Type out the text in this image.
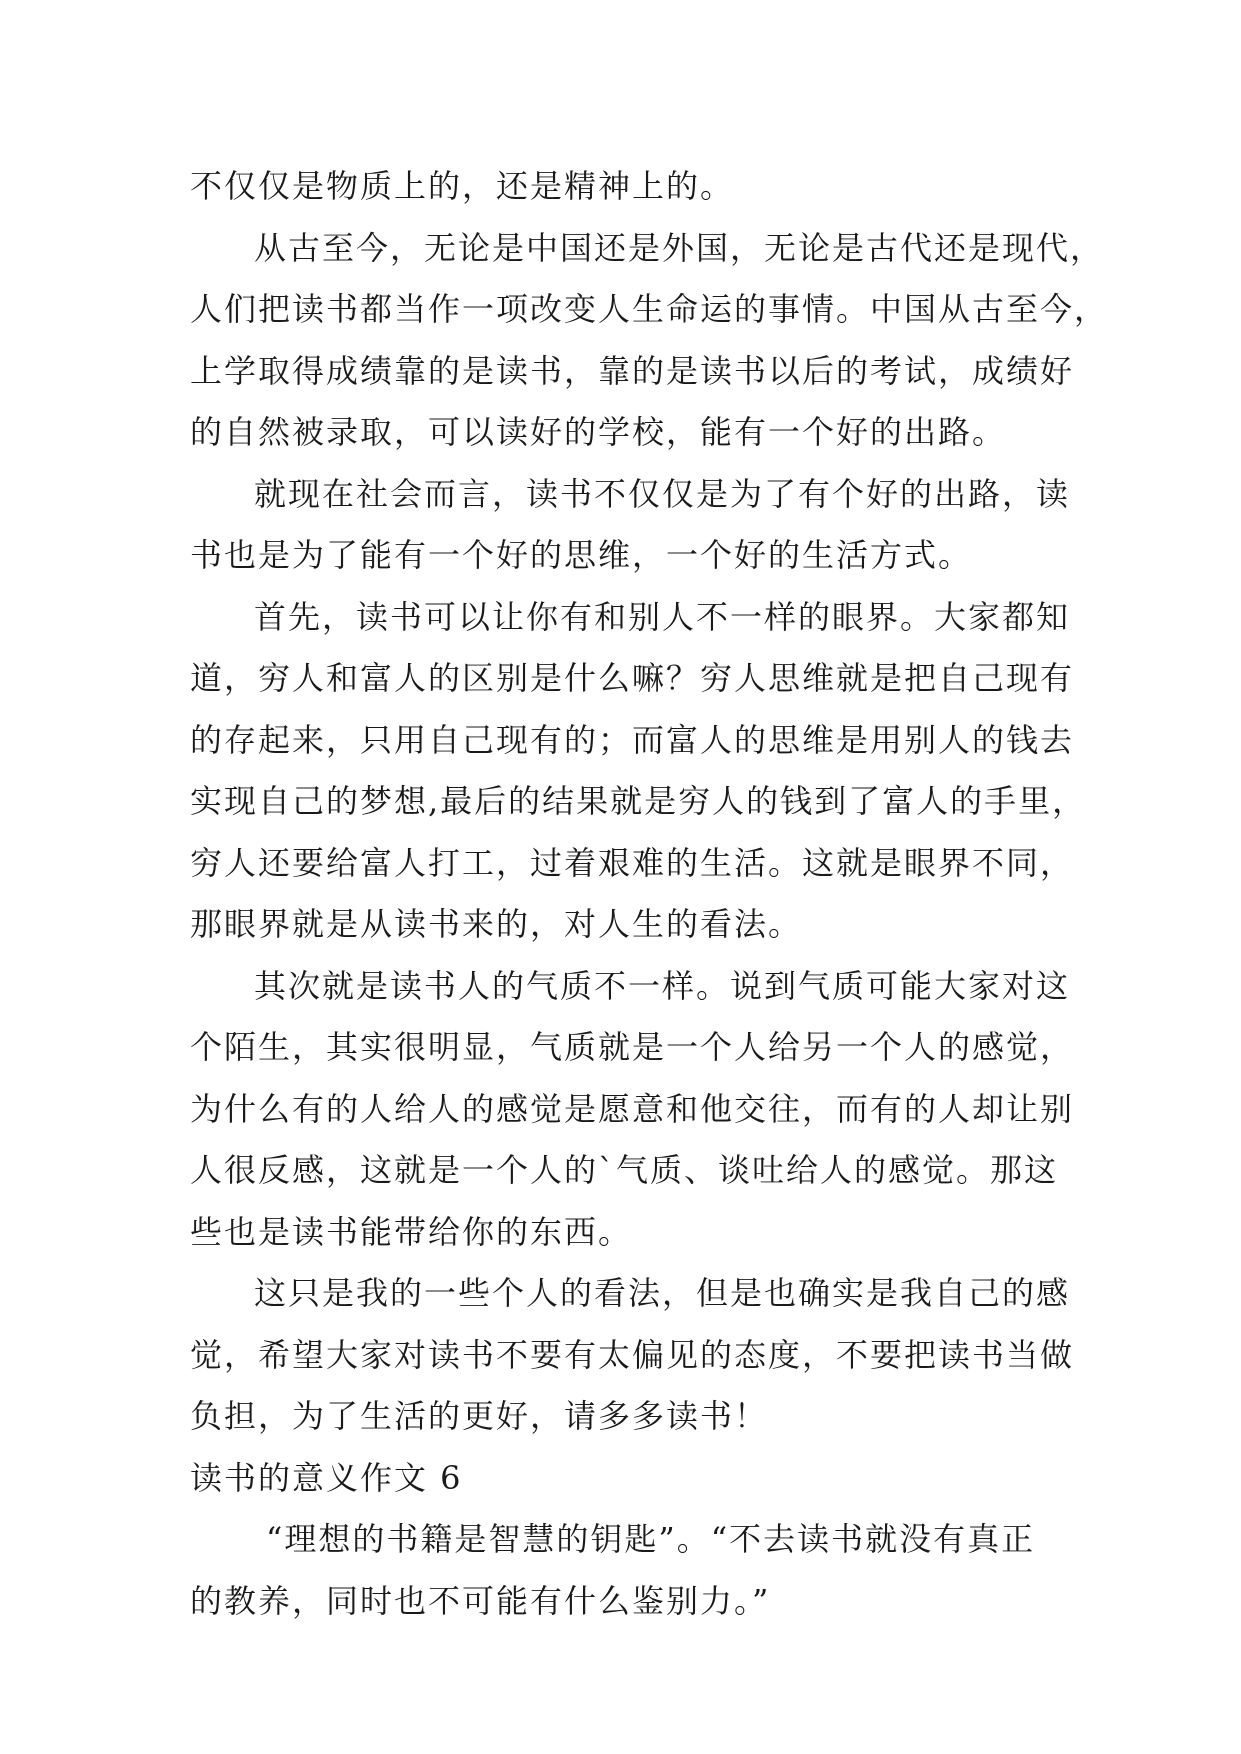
不仅仅是物质上的，还是精神上的。
从古至今，无论是中国还是外国，无论是古代还是现代，
人们把读书都当作一项改变人生命运的事情。中国从古至今，
上学取得成绩靠的是读书，靠的是读书以后的考试，成绩好
的自然被录取，可以读好的学校，能有一个好的出路。
就现在社会而言，读书不仅仅是为了有个好的出路，读
书也是为了能有一个好的思维，一个好的生活方式。
首先，读书可以让你有和别人不一样的眼界。大家都知
道，穷人和富人的区别是什么嘛？穷人思维就是把自己现有
的存起来，只用自己现有的；而富人的思维是用别人的钱去
实现自己的梦想,最后的结果就是穷人的钱到了富人的手里，
穷人还要给富人打工，过着艰难的生活。这就是眼界不同，
那眼界就是从读书来的，对人生的看法。
其次就是读书人的气质不一样。说到气质可能大家对这
个陌生，其实很明显，气质就是一个人给另一个人的感觉，
为什么有的人给人的感觉是愿意和他交往，而有的人却让别
人很反感，这就是一个人的`气质、谈吐给人的感觉。那这
些也是读书能带给你的东西。
这只是我的一些个人的看法，但是也确实是我自己的感
觉，希望大家对读书不要有太偏见的态度，不要把读书当做
负担，为了生活的更好，请多多读书！
读书的意义作文 6
“理想的书籍是智慧的钥匙”。“不去读书就没有真正
的教养，同时也不可能有什么鉴别力。”
